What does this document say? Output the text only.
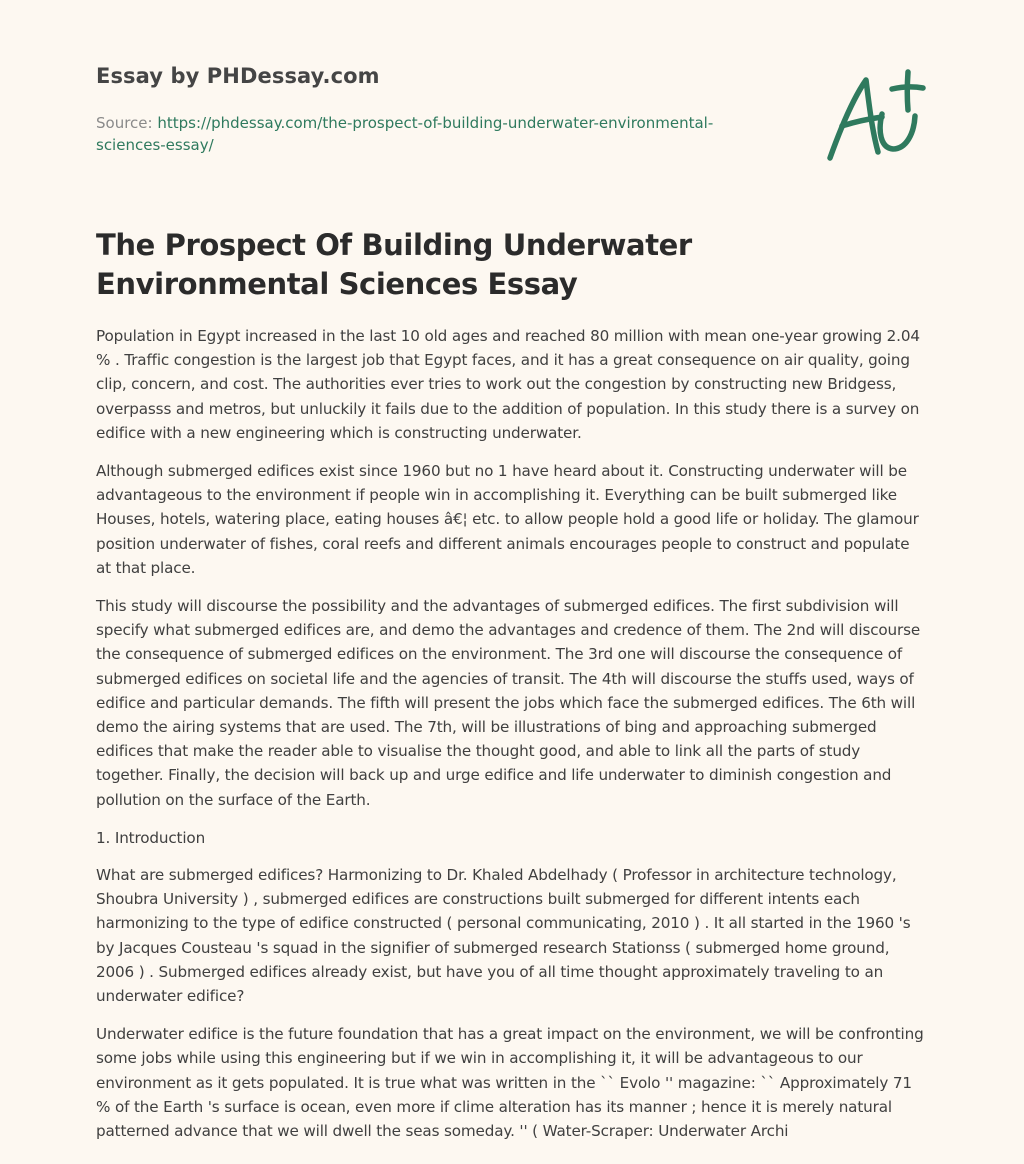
Essay by PHDessay.com
Source: https://phdessay.com/the-prospect-of-building-underwater-environmental-
sciences-essay/
The Prospect Of Building Underwater Environmental Sciences Essay

Population in Egypt increased in the last 10 old ages and reached 80 million with mean one-year growing 2.04 % . Traffic congestion is the largest job that Egypt faces, and it has a great consequence on air quality, going clip, concern, and cost. The authorities ever tries to work out the congestion by constructing new Bridgess, overpasss and metros, but unluckily it fails due to the addition of population. In this study there is a survey on edifice with a new engineering which is constructing underwater.

Although submerged edifices exist since 1960 but no 1 have heard about it. Constructing underwater will be advantageous to the environment if people win in accomplishing it. Everything can be built submerged like Houses, hotels, watering place, eating houses â€¦ etc. to allow people hold a good life or holiday. The glamour position underwater of fishes, coral reefs and different animals encourages people to construct and populate at that place.

This study will discourse the possibility and the advantages of submerged edifices. The first subdivision will specify what submerged edifices are, and demo the advantages and credence of them. The 2nd will discourse the consequence of submerged edifices on the environment. The 3rd one will discourse the consequence of submerged edifices on societal life and the agencies of transit. The 4th will discourse the stuffs used, ways of edifice and particular demands. The fifth will present the jobs which face the submerged edifices. The 6th will demo the airing systems that are used. The 7th, will be illustrations of bing and approaching submerged edifices that make the reader able to visualise the thought good, and able to link all the parts of study together. Finally, the decision will back up and urge edifice and life underwater to diminish congestion and pollution on the surface of the Earth.

1. Introduction

What are submerged edifices? Harmonizing to Dr. Khaled Abdelhady ( Professor in architecture technology, Shoubra University ) , submerged edifices are constructions built submerged for different intents each harmonizing to the type of edifice constructed ( personal communicating, 2010 ) . It all started in the 1960 's by Jacques Cousteau 's squad in the signifier of submerged research Stationss ( submerged home ground, 2006 ) . Submerged edifices already exist, but have you of all time thought approximately traveling to an underwater edifice?

Underwater edifice is the future foundation that has a great impact on the environment, we will be confronting some jobs while using this engineering but if we win in accomplishing it, it will be advantageous to our environment as it gets populated. It is true what was written in the `` Evolo '' magazine: `` Approximately 71 % of the Earth 's surface is ocean, even more if clime alteration has its manner ; hence it is merely natural patterned advance that we will dwell the seas someday. '' ( Water-Scraper: Underwater Archi
